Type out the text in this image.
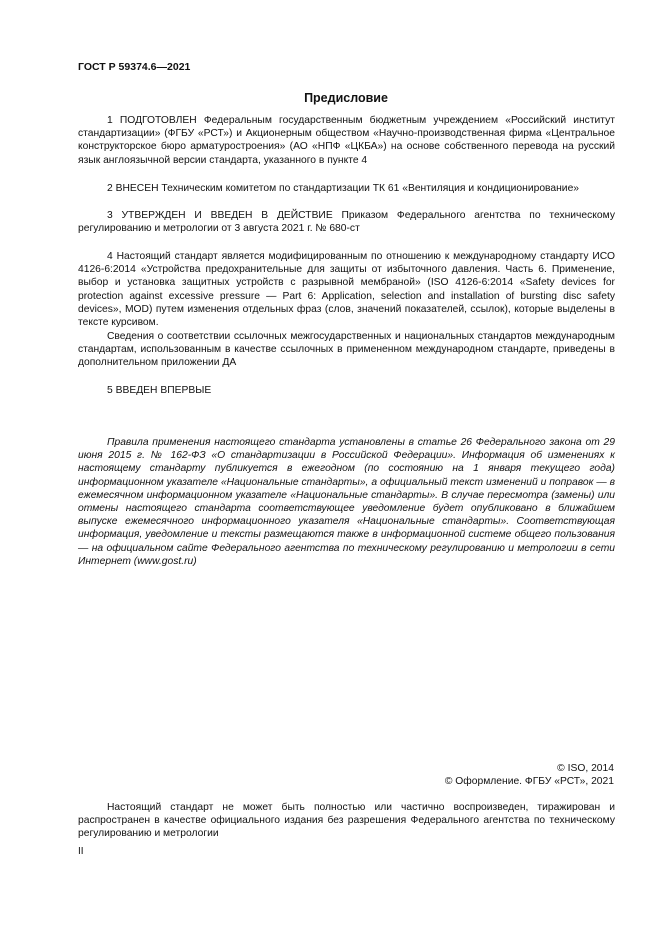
ГОСТ Р 59374.6—2021
Предисловие

1 ПОДГОТОВЛЕН Федеральным государственным бюджетным учреждением «Российский институт стандартизации» (ФГБУ «РСТ») и Акционерным обществом «Научно-производственная фирма «Центральное конструкторское бюро арматуростроения» (АО «НПФ «ЦКБА») на основе собственного перевода на русский язык англоязычной версии стандарта, указанного в пункте 4

2 ВНЕСЕН Техническим комитетом по стандартизации ТК 61 «Вентиляция и кондиционирование»

3 УТВЕРЖДЕН И ВВЕДЕН В ДЕЙСТВИЕ Приказом Федерального агентства по техническому регулированию и метрологии от 3 августа 2021 г. № 680-ст

4 Настоящий стандарт является модифицированным по отношению к международному стандарту ИСО 4126-6:2014 «Устройства предохранительные для защиты от избыточного давления. Часть 6. Применение, выбор и установка защитных устройств с разрывной мембраной» (ISO 4126-6:2014 «Safety devices for protection against excessive pressure — Part 6: Application, selection and installation of bursting disc safety devices», MOD) путем изменения отдельных фраз (слов, значений показателей, ссылок), которые выделены в тексте курсивом.

Сведения о соответствии ссылочных межгосударственных и национальных стандартов международным стандартам, использованным в качестве ссылочных в примененном международном стандарте, приведены в дополнительном приложении ДА

5 ВВЕДЕН ВПЕРВЫЕ

Правила применения настоящего стандарта установлены в статье 26 Федерального закона от 29 июня 2015 г. № 162-ФЗ «О стандартизации в Российской Федерации». Информация об изменениях к настоящему стандарту публикуется в ежегодном (по состоянию на 1 января текущего года) информационном указателе «Национальные стандарты», а официальный текст изменений и поправок — в ежемесячном информационном указателе «Национальные стандарты». В случае пересмотра (замены) или отмены настоящего стандарта соответствующее уведомление будет опубликовано в ближайшем выпуске ежемесячного информационного указателя «Национальные стандарты». Соответствующая информация, уведомление и тексты размещаются также в информационной системе общего пользования — на официальном сайте Федерального агентства по техническому регулированию и метрологии в сети Интернет (www.gost.ru)

© ISO, 2014
© Оформление. ФГБУ «РСТ», 2021

Настоящий стандарт не может быть полностью или частично воспроизведен, тиражирован и распространен в качестве официального издания без разрешения Федерального агентства по техническому регулированию и метрологии

II
